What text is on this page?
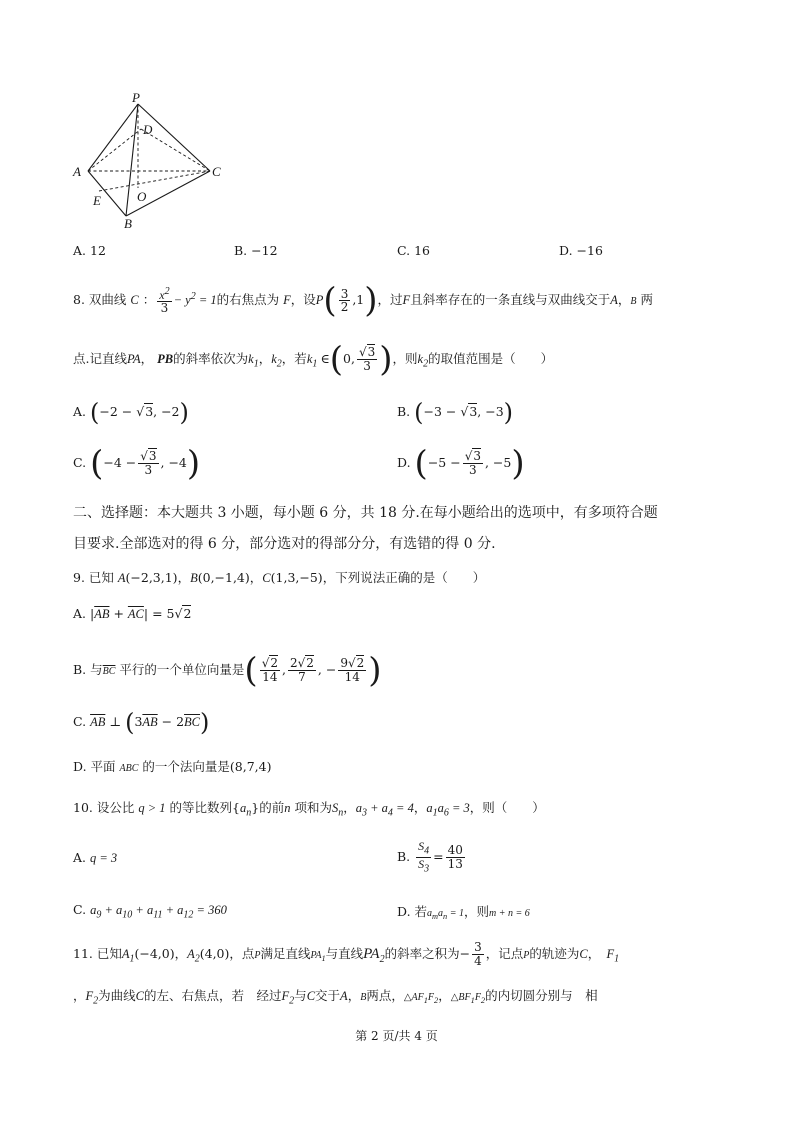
P
D
A	C
O
E
B
A. 12	B. −12	C. 16	D. −16
8. 双曲线 C ： $\frac{x^2}{3} - y^2 = 1$的右焦点为 F，设$P( \frac{3}{2} ,1)$，过F且斜率存在的一条直线与双曲线交于A，B 两
点.记直线PA， PB的斜率依次为$k_1$，$k_2$，若$k_1$ ∈(0, $\frac{√3}{3}$ )，则$k_2$的取值范围是（　　）
A. (−2 − √3, −2)	B. (−3 − √3, −3)
C. ($-4 - \frac{√3}{3}$ , −4)	D. ($-5 - \frac{√3}{3}$ , −5)
二、选择题：本大题共 3 小题，每小题 6 分，共 18 分.在每小题给出的选项中，有多项符合题
目要求.全部选对的得 6 分，部分选对的得部分分，有选错的得 0 分.
9. 已知 A(−2,3,1)，B(0,−1,4)，C(1,3,−5)，下列说法正确的是（　　）
A. $|\overline{AB} + \overline{AC}| = 5√2$
B. 与$\overline{BC}$ 平行的一个单位向量是( $\frac{√2}{14}$ , $\frac{2√2}{7}$ , − $\frac{9√2}{14}$ )
C. $\overline{AB}$ ⊥ $(3\overline{AB} - 2\overline{BC})$
D. 平面 ABC 的一个法向量是(8,7,4)
10. 设公比 q > 1 的等比数列$\{a_n\}$的前n 项和为$S_n$，$a_3 + a_4 = 4$，$a_1a_6 = 3$，则（　　）
A. q = 3	B. $\frac{S_4}{S_3} = \frac{40}{13}$
C. $a_9 + a_{10} + a_{11} + a_{12} = 360$	D. 若$a_ma_n = 1$，则m + n = 6
11. 已知$A_1(-4,0)$，$A_2(4,0)$，点P满足直线$PA_1$与直线$PA_2$的斜率之积为− $\frac{3}{4}$ ，记点P的轨迹为C，　 $F_1$
，$F_2$为曲线C的左、右焦点，若　经过$F_2$与C交于A，B两点，$\triangle AF_1F_2$，$\triangle BF_1F_2$的内切圆分别与　相
第 2 页/共 4 页
